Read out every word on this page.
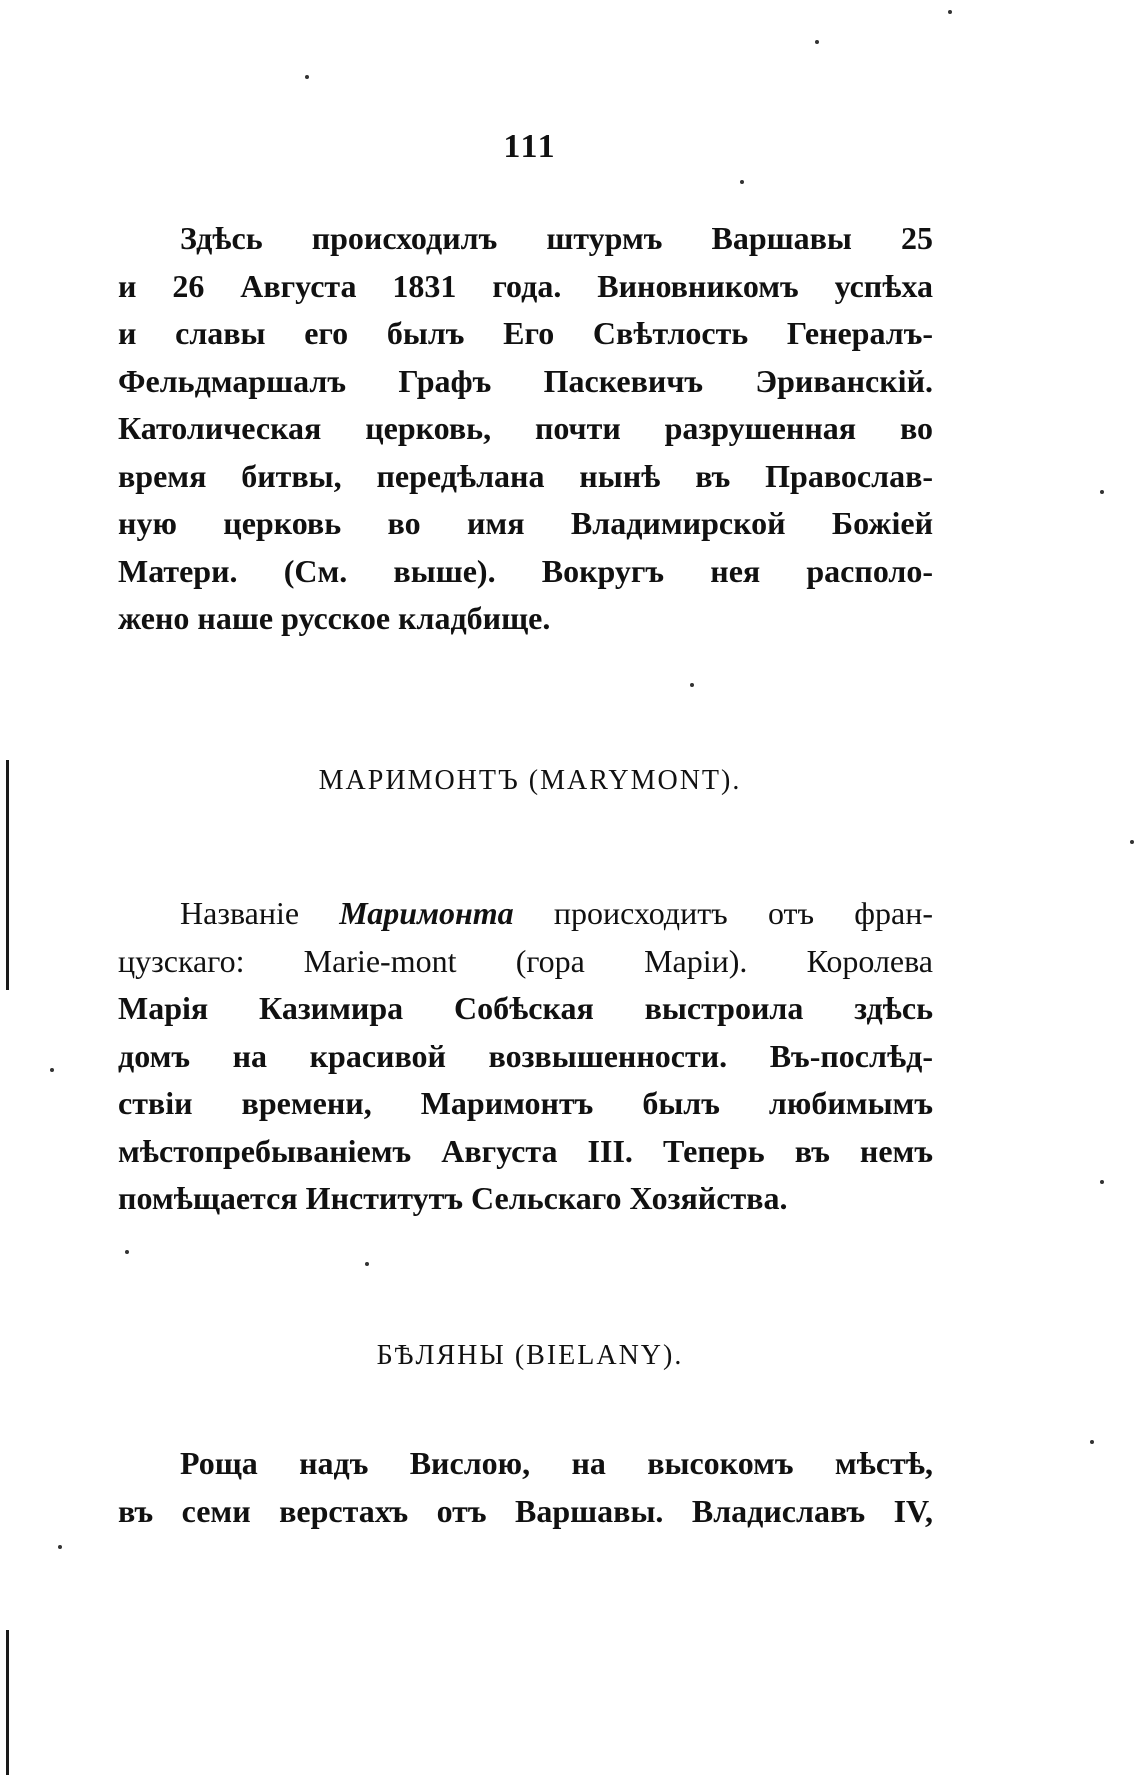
111
Здѣсь происходилъ штурмъ Варшавы 25
и 26 Августа 1831 года. Виновникомъ успѣха
и славы его былъ Его Свѣтлость Генералъ-
Фельдмаршалъ Графъ Паскевичъ Эриванскій.
Католическая церковь, почти разрушенная во
время битвы, передѣлана нынѣ въ Православ-
ную церковь во имя Владимирской Божіей
Матери. (См. выше). Вокругъ нея располо-
жено наше русское кладбище.
МАРИМОНТЪ (MARYMONT).
Названіе Маримонта происходитъ отъ фран-
цузскаго: Marie-mont (гора Маріи). Королева
Марія Казимира Собѣская выстроила здѣсь
домъ на красивой возвышенности. Въ-послѣд-
ствіи времени, Маримонтъ былъ любимымъ
мѣстопребываніемъ Августа III. Теперь въ немъ
помѣщается Институтъ Сельскаго Хозяйства.
БѢЛЯНЫ (BIELANY).
Роща надъ Вислою, на высокомъ мѣстѣ,
въ семи верстахъ отъ Варшавы. Владиславъ IV,
